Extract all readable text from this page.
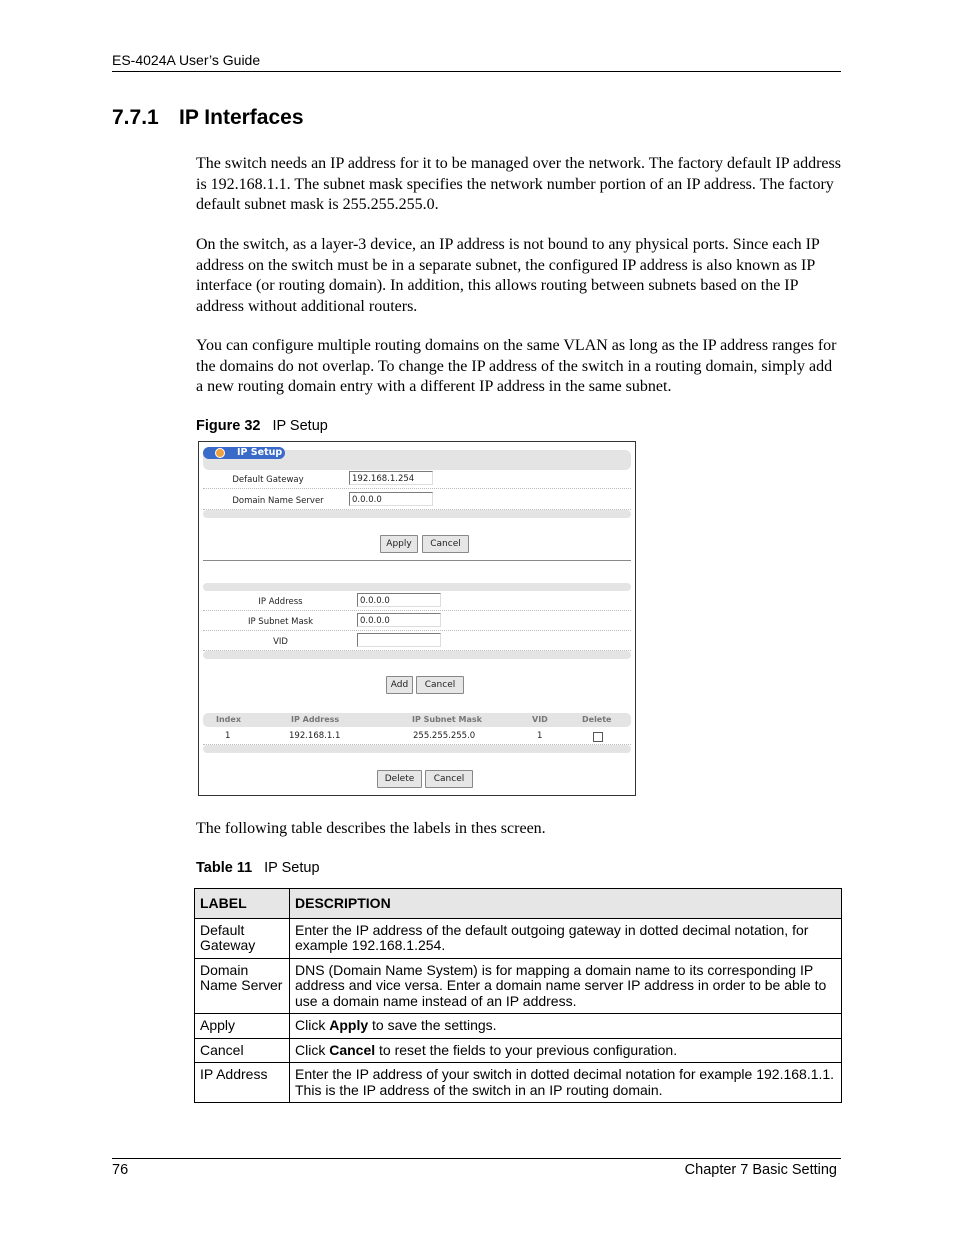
ES-4024A User’s Guide
7.7.1 IP Interfaces
The switch needs an IP address for it to be managed over the network. The factory default IP address is 192.168.1.1. The subnet mask specifies the network number portion of an IP address. The factory default subnet mask is 255.255.255.0.
On the switch, as a layer-3 device, an IP address is not bound to any physical ports. Since each IP address on the switch must be in a separate subnet, the configured IP address is also known as IP interface (or routing domain). In addition, this allows routing between subnets based on the IP address without additional routers.
You can configure multiple routing domains on the same VLAN as long as the IP address ranges for the domains do not overlap. To change the IP address of the switch in a routing domain, simply add a new routing domain entry with a different IP address in the same subnet.
Figure 32 IP Setup
IP Setup
Default Gateway	192.168.1.254
Domain Name Server	0.0.0.0
Apply	Cancel
IP Address	0.0.0.0
IP Subnet Mask	0.0.0.0
VID
Add	Cancel
Index	IP Address	IP Subnet Mask	VID	Delete
1	192.168.1.1	255.255.255.0	1
Delete	Cancel
The following table describes the labels in thes screen.
Table 11 IP Setup
LABEL	DESCRIPTION
Default Gateway	Enter the IP address of the default outgoing gateway in dotted decimal notation, for example 192.168.1.254.
Domain Name Server	DNS (Domain Name System) is for mapping a domain name to its corresponding IP address and vice versa. Enter a domain name server IP address in order to be able to use a domain name instead of an IP address.
Apply	Click Apply to save the settings.
Cancel	Click Cancel to reset the fields to your previous configuration.
IP Address	Enter the IP address of your switch in dotted decimal notation for example 192.168.1.1. This is the IP address of the switch in an IP routing domain.
76	Chapter 7 Basic Setting
